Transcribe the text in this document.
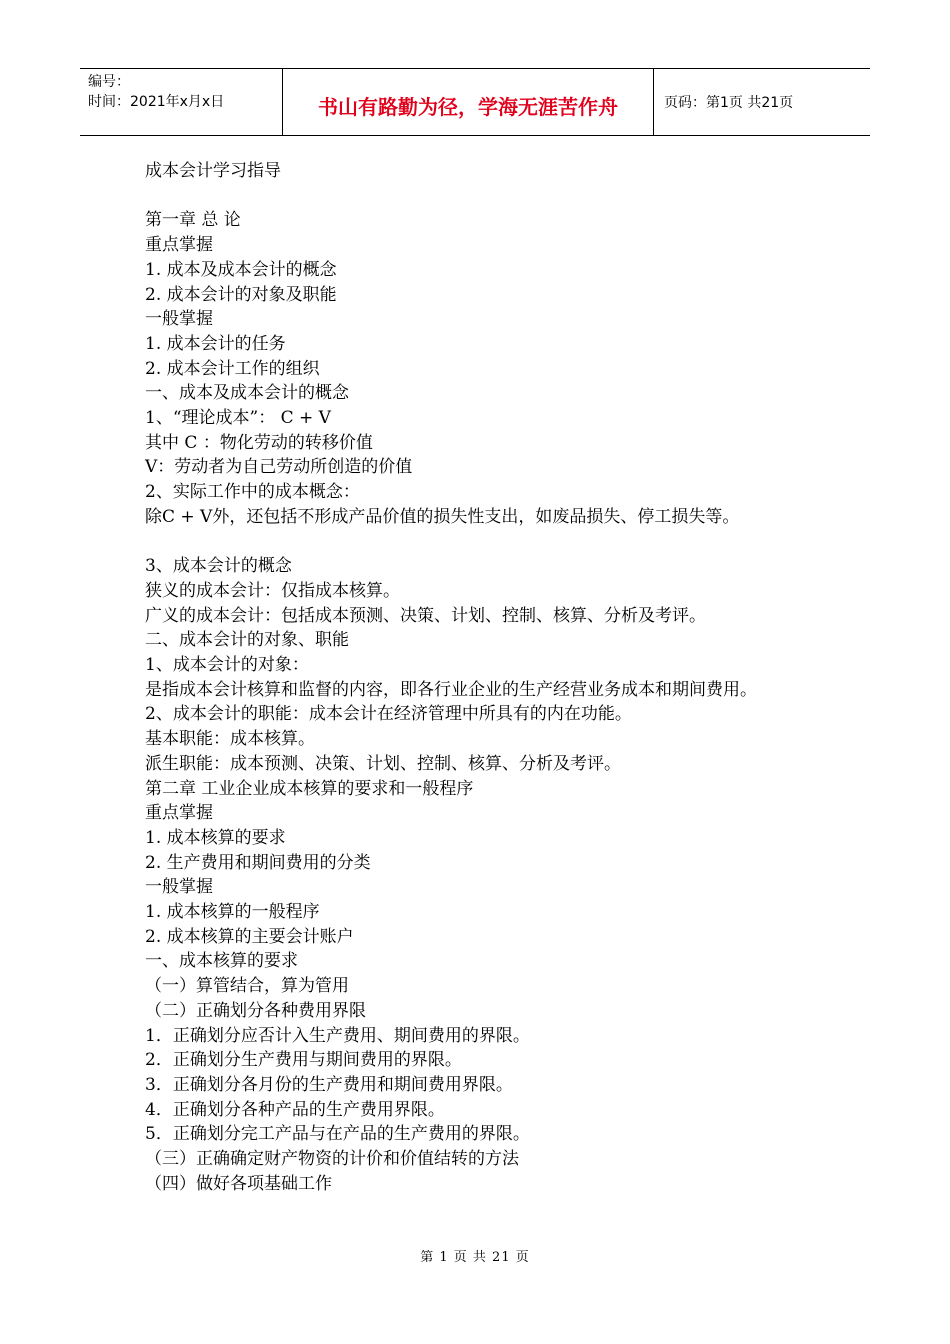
编号：
时间：2021年x月x日	书山有路勤为径，学海无涯苦作舟	页码：第1页 共21页
成本会计学习指导
第一章 总 论
重点掌握
1. 成本及成本会计的概念
2. 成本会计的对象及职能
一般掌握
1. 成本会计的任务
2. 成本会计工作的组织
一、成本及成本会计的概念
1、“理论成本”： C + V
其中 C ：物化劳动的转移价值
V：劳动者为自己劳动所创造的价值
2、实际工作中的成本概念：
除C + V外，还包括不形成产品价值的损失性支出，如废品损失、停工损失等。
3、成本会计的概念
狭义的成本会计：仅指成本核算。
广义的成本会计：包括成本预测、决策、计划、控制、核算、分析及考评。
二、成本会计的对象、职能
1、成本会计的对象：
是指成本会计核算和监督的内容，即各行业企业的生产经营业务成本和期间费用。
2、成本会计的职能：成本会计在经济管理中所具有的内在功能。
基本职能：成本核算。
派生职能：成本预测、决策、计划、控制、核算、分析及考评。
第二章 工业企业成本核算的要求和一般程序
重点掌握
1. 成本核算的要求
2. 生产费用和期间费用的分类
一般掌握
1. 成本核算的一般程序
2. 成本核算的主要会计账户
一、成本核算的要求
（一）算管结合，算为管用
（二）正确划分各种费用界限
1．正确划分应否计入生产费用、期间费用的界限。
2．正确划分生产费用与期间费用的界限。
3．正确划分各月份的生产费用和期间费用界限。
4．正确划分各种产品的生产费用界限。
5．正确划分完工产品与在产品的生产费用的界限。
（三）正确确定财产物资的计价和价值结转的方法
（四）做好各项基础工作
第 1 页 共 21 页
